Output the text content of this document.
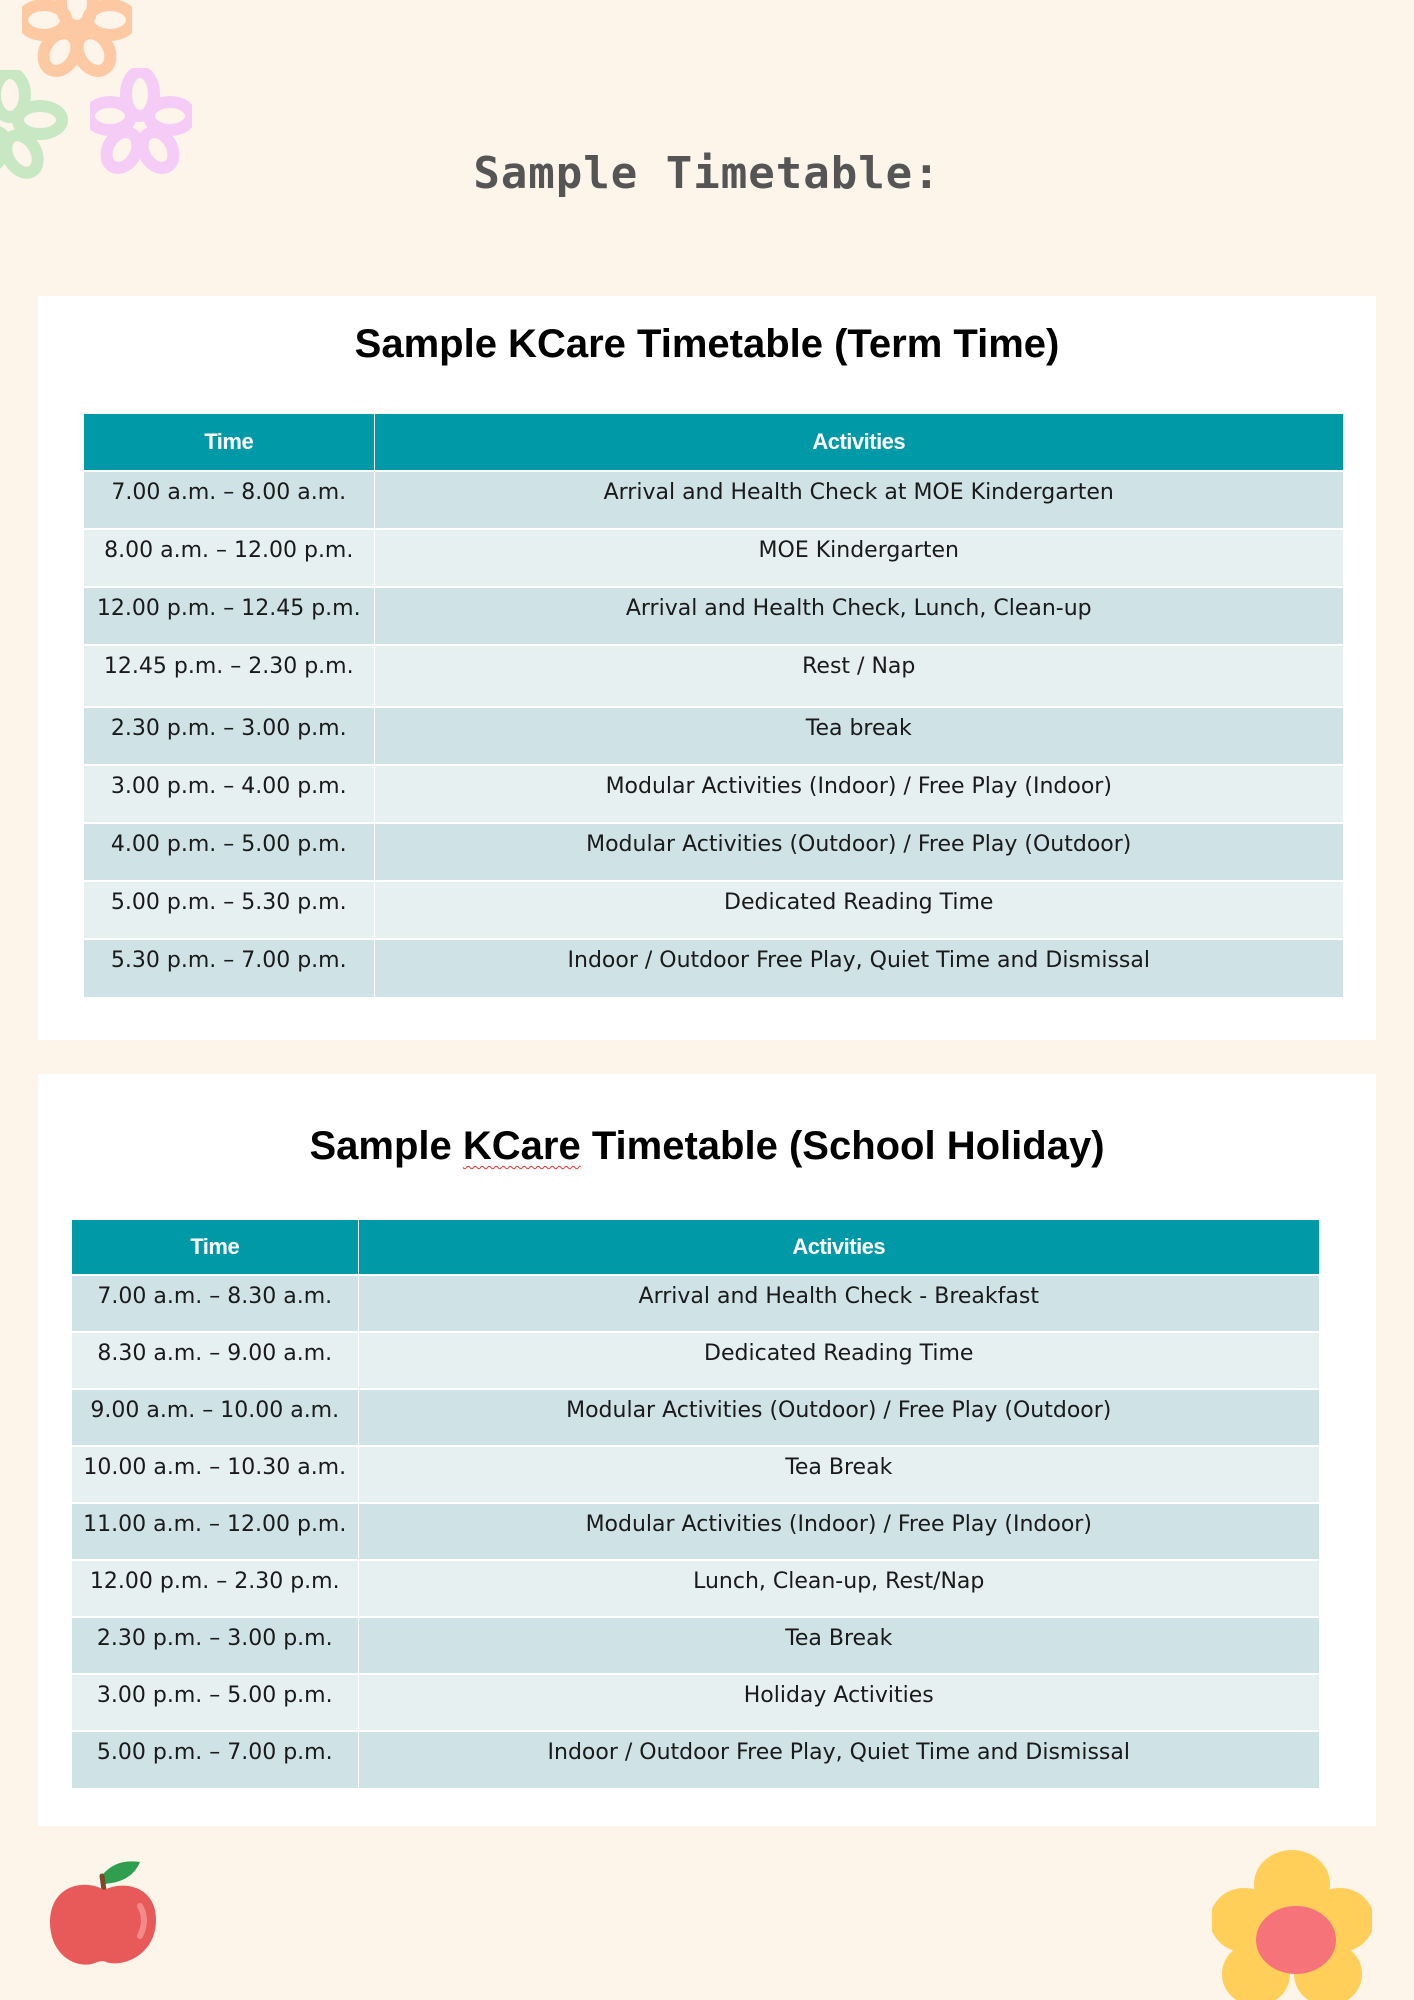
Sample Timetable:
Sample KCare Timetable (Term Time)
Time	Activities
7.00 a.m. – 8.00 a.m.	Arrival and Health Check at MOE Kindergarten
8.00 a.m. – 12.00 p.m.	MOE Kindergarten
12.00 p.m. – 12.45 p.m.	Arrival and Health Check, Lunch, Clean-up
12.45 p.m. – 2.30 p.m.	Rest / Nap
2.30 p.m. – 3.00 p.m.	Tea break
3.00 p.m. – 4.00 p.m.	Modular Activities (Indoor) / Free Play (Indoor)
4.00 p.m. – 5.00 p.m.	Modular Activities (Outdoor) / Free Play (Outdoor)
5.00 p.m. – 5.30 p.m.	Dedicated Reading Time
5.30 p.m. – 7.00 p.m.	Indoor / Outdoor Free Play, Quiet Time and Dismissal
Sample KCare Timetable (School Holiday)
Time	Activities
7.00 a.m. – 8.30 a.m.	Arrival and Health Check - Breakfast
8.30 a.m. – 9.00 a.m.	Dedicated Reading Time
9.00 a.m. – 10.00 a.m.	Modular Activities (Outdoor) / Free Play (Outdoor)
10.00 a.m. – 10.30 a.m.	Tea Break
11.00 a.m. – 12.00 p.m.	Modular Activities (Indoor) / Free Play (Indoor)
12.00 p.m. – 2.30 p.m.	Lunch, Clean-up, Rest/Nap
2.30 p.m. – 3.00 p.m.	Tea Break
3.00 p.m. – 5.00 p.m.	Holiday Activities
5.00 p.m. – 7.00 p.m.	Indoor / Outdoor Free Play, Quiet Time and Dismissal
